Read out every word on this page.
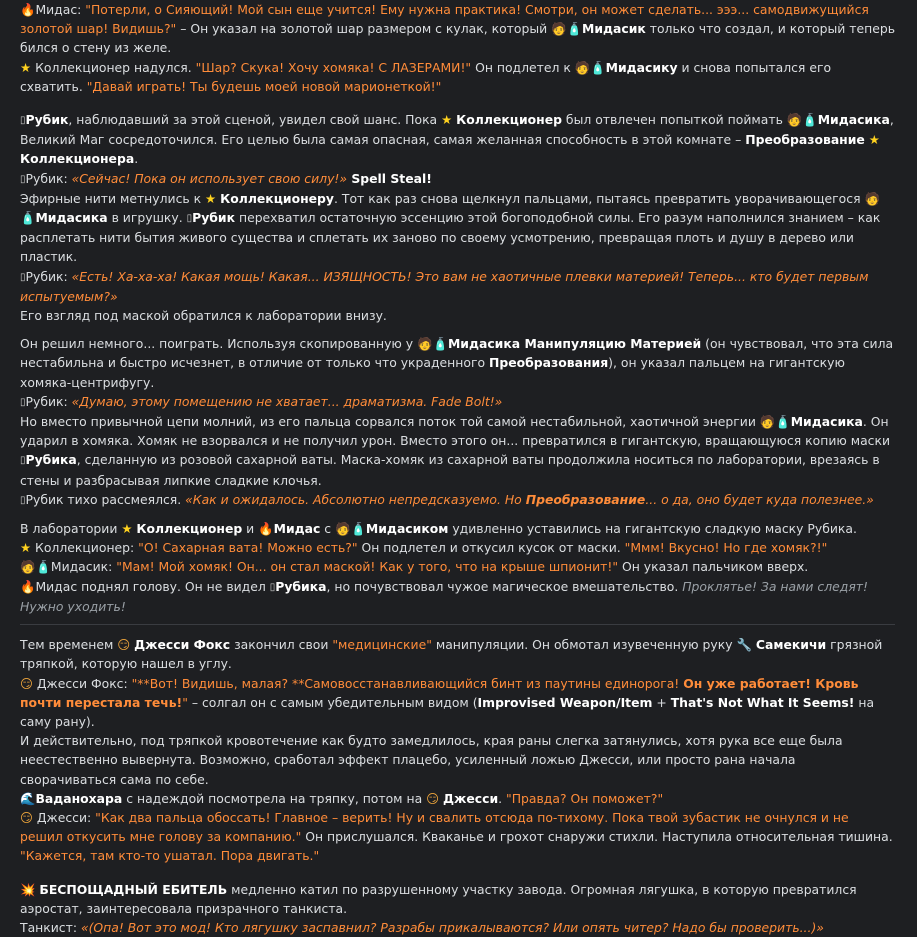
🔥Мидас: "Потерли, о Сияющий! Мой сын еще учится! Ему нужна практика! Смотри, он может сделать... эээ... самодвижущийся золотой шар! Видишь?" – Он указал на золотой шар размером с кулак, который 🧑🧴Мидасик только что создал, и который теперь бился о стену из желе.
★ Коллекционер надулся. "Шар? Скука! Хочу хомяка! С ЛАЗЕРАМИ!" Он подлетел к 🧑🧴Мидасику и снова попытался его схватить. "Давай играть! Ты будешь моей новой марионеткой!"
▯Рубик, наблюдавший за этой сценой, увидел свой шанс. Пока ★ Коллекционер был отвлечен попыткой поймать 🧑🧴Мидасика, Великий Маг сосредоточился. Его целью была самая опасная, самая желанная способность в этой комнате – Преобразование ★ Коллекционера.
▯Рубик: «Сейчас! Пока он использует свою силу!» Spell Steal!
Эфирные нити метнулись к ★ Коллекционеру. Тот как раз снова щелкнул пальцами, пытаясь превратить уворачивающегося 🧑🧴Мидасика в игрушку. ▯Рубик перехватил остаточную эссенцию этой богоподобной силы. Его разум наполнился знанием – как расплетать нити бытия живого существа и сплетать их заново по своему усмотрению, превращая плоть и душу в дерево или пластик.
▯Рубик: «Есть! Ха-ха-ха! Какая мощь! Какая... ИЗЯЩНОСТЬ! Это вам не хаотичные плевки материей! Теперь... кто будет первым испытуемым?»
Его взгляд под маской обратился к лаборатории внизу.
Он решил немного... поиграть. Используя скопированную у 🧑🧴Мидасика Манипуляцию Материей (он чувствовал, что эта сила нестабильна и быстро исчезнет, в отличие от только что украденного Преобразования), он указал пальцем на гигантскую хомяка-центрифугу.
▯Рубик: «Думаю, этому помещению не хватает... драматизма. Fade Bolt!»
Но вместо привычной цепи молний, из его пальца сорвался поток той самой нестабильной, хаотичной энергии 🧑🧴Мидасика. Он ударил в хомяка. Хомяк не взорвался и не получил урон. Вместо этого он... превратился в гигантскую, вращающуюся копию маски ▯Рубика, сделанную из розовой сахарной ваты. Маска-хомяк из сахарной ваты продолжила носиться по лаборатории, врезаясь в стены и разбрасывая липкие сладкие клочья.
▯Рубик тихо рассмеялся. «Как и ожидалось. Абсолютно непредсказуемо. Но Преобразование... о да, оно будет куда полезнее.»
В лаборатории ★ Коллекционер и 🔥Мидас с 🧑🧴Мидасиком удивленно уставились на гигантскую сладкую маску Рубика.
★ Коллекционер: "О! Сахарная вата! Можно есть?" Он подлетел и откусил кусок от маски. "Ммм! Вкусно! Но где хомяк?!"
🧑🧴Мидасик: "Мам! Мой хомяк! Он... он стал маской! Как у того, что на крыше шпионит!" Он указал пальчиком вверх.
🔥Мидас поднял голову. Он не видел ▯Рубика, но почувствовал чужое магическое вмешательство. Проклятье! За нами следят! Нужно уходить!
Тем временем 😏 Джесси Фокс закончил свои "медицинские" манипуляции. Он обмотал изувеченную руку 🔧 Самекичи грязной тряпкой, которую нашел в углу.
😏 Джесси Фокс: "**Вот! Видишь, малая? **Самовосстанавливающийся бинт из паутины единорога! Он уже работает! Кровь почти перестала течь!" – солгал он с самым убедительным видом (Improvised Weapon/Item + That's Not What It Seems! на саму рану).
И действительно, под тряпкой кровотечение как будто замедлилось, края раны слегка затянулись, хотя рука все еще была неестественно вывернута. Возможно, сработал эффект плацебо, усиленный ложью Джесси, или просто рана начала сворачиваться сама по себе.
🌊Ваданохара с надеждой посмотрела на тряпку, потом на 😏 Джесси. "Правда? Он поможет?"
😏 Джесси: "Как два пальца обоссать! Главное – верить! Ну и свалить отсюда по-тихому. Пока твой зубастик не очнулся и не решил откусить мне голову за компанию." Он прислушался. Кваканье и грохот снаружи стихли. Наступила относительная тишина. "Кажется, там кто-то ушатал. Пора двигать."
💥 БЕСПОЩАДНЫЙ ЕБИТЕЛЬ медленно катил по разрушенному участку завода. Огромная лягушка, в которую превратился аэростат, заинтересовала призрачного танкиста.
Танкист: «(Опа! Вот это мод! Кто лягушку заспавнил? Разрабы прикалываются? Или опять читер? Надо бы проверить...)»
